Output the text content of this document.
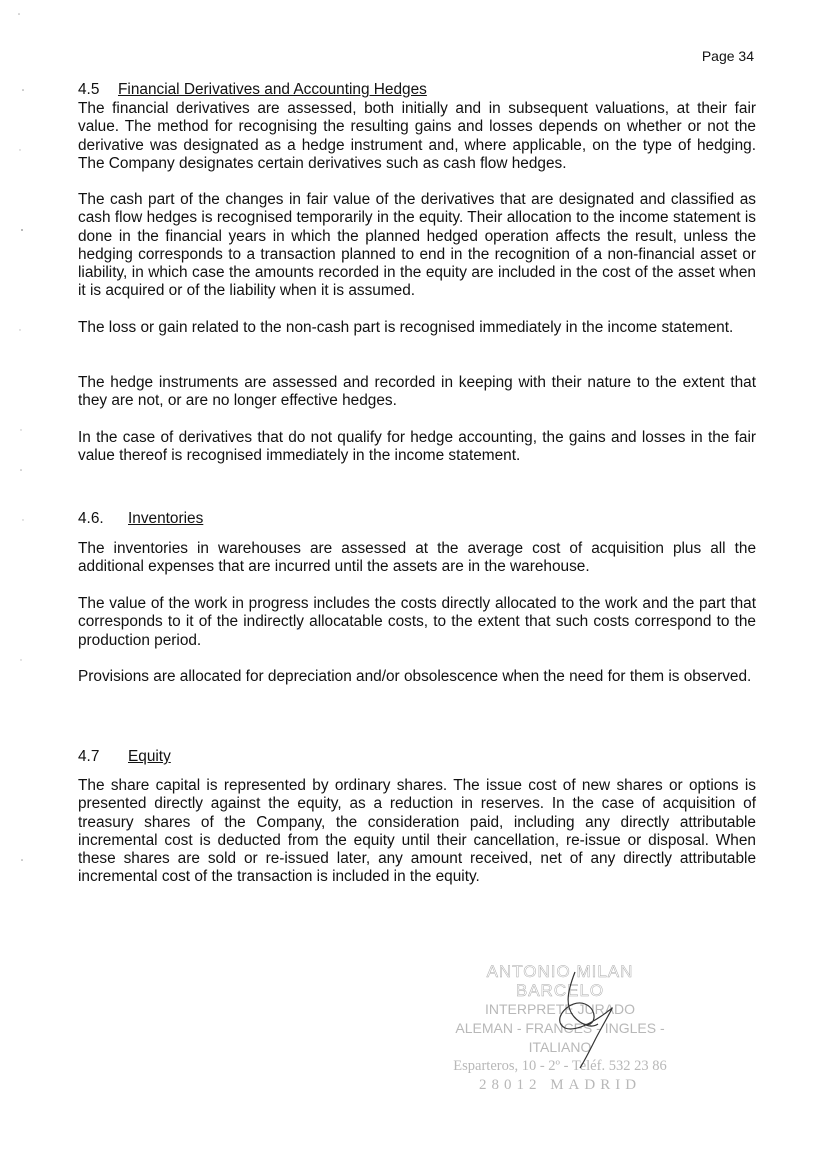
Page 34
4.5 Financial Derivatives and Accounting Hedges

The financial derivatives are assessed, both initially and in subsequent valuations, at their fair value. The method for recognising the resulting gains and losses depends on whether or not the derivative was designated as a hedge instrument and, where applicable, on the type of hedging. The Company designates certain derivatives such as cash flow hedges.

The cash part of the changes in fair value of the derivatives that are designated and classified as cash flow hedges is recognised temporarily in the equity. Their allocation to the income statement is done in the financial years in which the planned hedged operation affects the result, unless the hedging corresponds to a transaction planned to end in the recognition of a non-financial asset or liability, in which case the amounts recorded in the equity are included in the cost of the asset when it is acquired or of the liability when it is assumed.

The loss or gain related to the non-cash part is recognised immediately in the income statement.

The hedge instruments are assessed and recorded in keeping with their nature to the extent that they are not, or are no longer effective hedges.

In the case of derivatives that do not qualify for hedge accounting, the gains and losses in the fair value thereof is recognised immediately in the income statement.

4.6. Inventories

The inventories in warehouses are assessed at the average cost of acquisition plus all the additional expenses that are incurred until the assets are in the warehouse.

The value of the work in progress includes the costs directly allocated to the work and the part that corresponds to it of the indirectly allocatable costs, to the extent that such costs correspond to the production period.

Provisions are allocated for depreciation and/or obsolescence when the need for them is observed.

4.7 Equity

The share capital is represented by ordinary shares. The issue cost of new shares or options is presented directly against the equity, as a reduction in reserves. In the case of acquisition of treasury shares of the Company, the consideration paid, including any directly attributable incremental cost is deducted from the equity until their cancellation, re-issue or disposal. When these shares are sold or re-issued later, any amount received, net of any directly attributable incremental cost of the transaction is included in the equity.

ANTONIO MILAN BARCELO
INTERPRETE JURADO
ALEMAN - FRANCES - INGLES - ITALIANO
Esparteros, 10 - 2º - Teléf. 532 23 86
28012 MADRID
